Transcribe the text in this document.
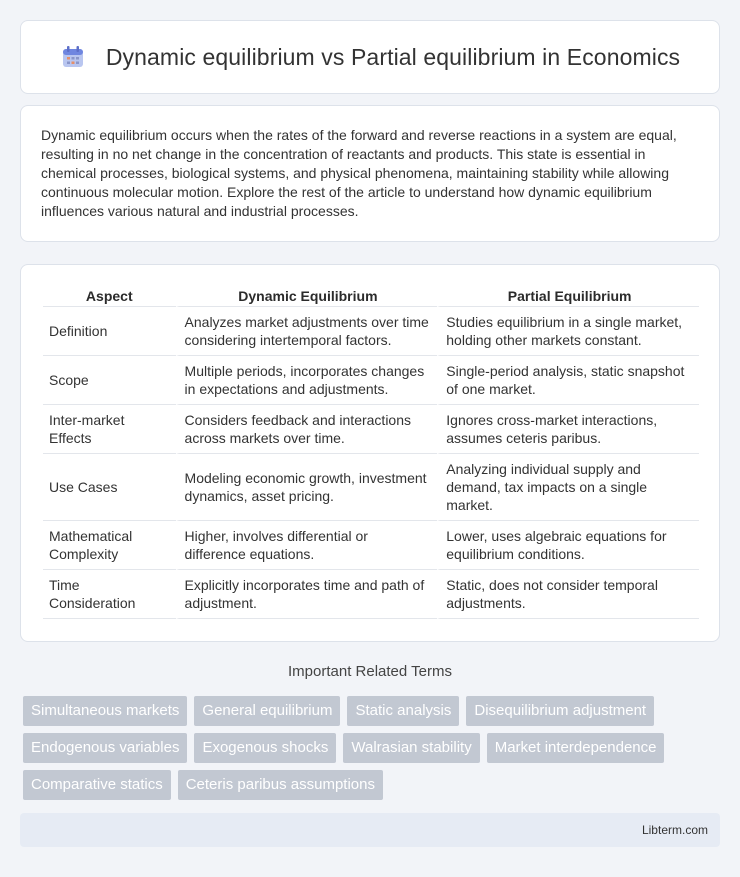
Dynamic equilibrium vs Partial equilibrium in Economics

Dynamic equilibrium occurs when the rates of the forward and reverse reactions in a system are equal, resulting in no net change in the concentration of reactants and products. This state is essential in chemical processes, biological systems, and physical phenomena, maintaining stability while allowing continuous molecular motion. Explore the rest of the article to understand how dynamic equilibrium influences various natural and industrial processes.

Aspect	Dynamic Equilibrium	Partial Equilibrium
Definition	Analyzes market adjustments over time considering intertemporal factors.	Studies equilibrium in a single market, holding other markets constant.
Scope	Multiple periods, incorporates changes in expectations and adjustments.	Single-period analysis, static snapshot of one market.
Inter-market Effects	Considers feedback and interactions across markets over time.	Ignores cross-market interactions, assumes ceteris paribus.
Use Cases	Modeling economic growth, investment dynamics, asset pricing.	Analyzing individual supply and demand, tax impacts on a single market.
Mathematical Complexity	Higher, involves differential or difference equations.	Lower, uses algebraic equations for equilibrium conditions.
Time Consideration	Explicitly incorporates time and path of adjustment.	Static, does not consider temporal adjustments.
Important Related Terms
Simultaneous markets	General equilibrium	Static analysis	Disequilibrium adjustment
Endogenous variables	Exogenous shocks	Walrasian stability	Market interdependence
Comparative statics	Ceteris paribus assumptions
Libterm.com
